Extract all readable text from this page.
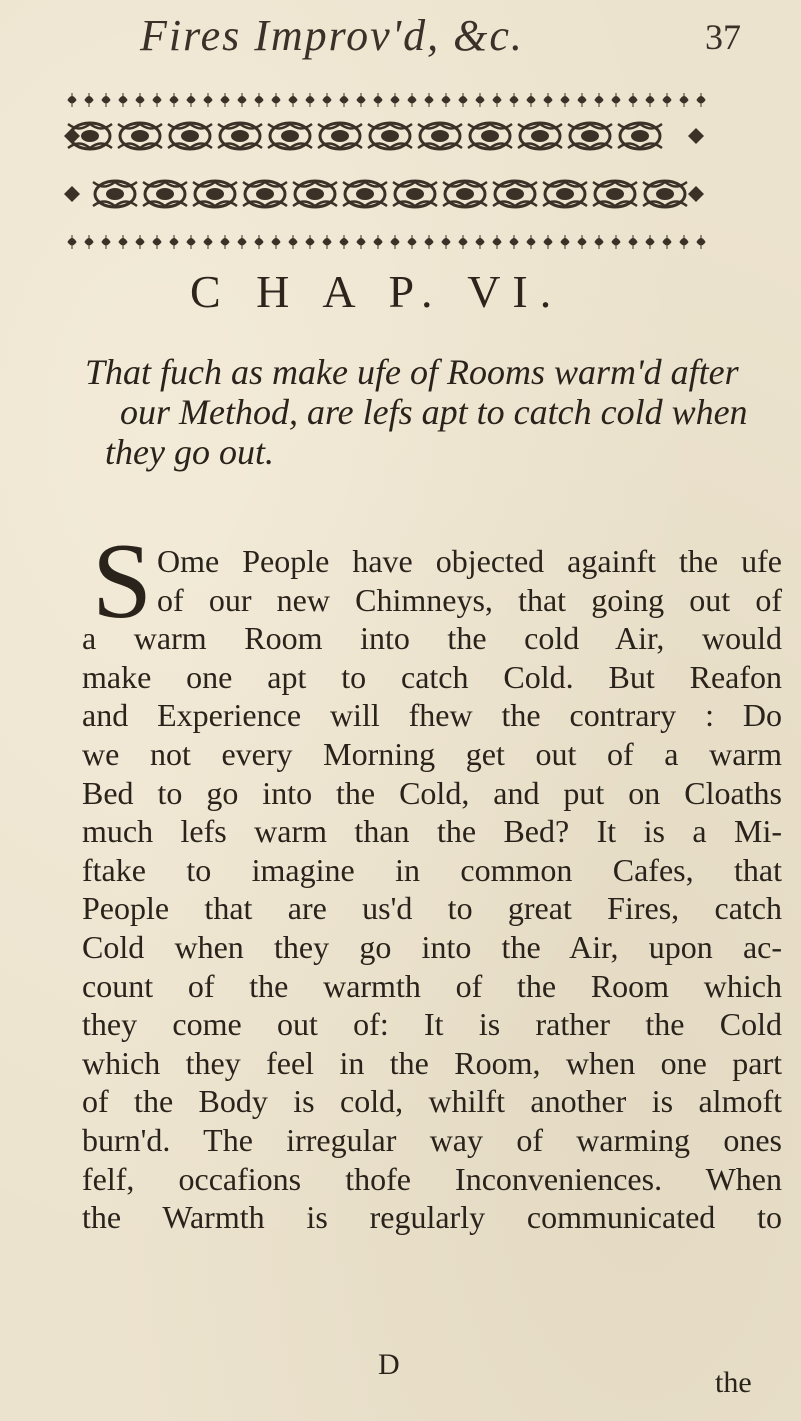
Fires Improv'd, &c.	37
C H A P. VI.
That fuch as make ufe of Rooms warm'd after
our Method, are lefs apt to catch cold when
they go out.
S Ome People have objected againft the ufe
of our new Chimneys, that going out of
a warm Room into the cold Air, would
make one apt to catch Cold. But Reafon
and Experience will fhew the contrary : Do
we not every Morning get out of a warm
Bed to go into the Cold, and put on Cloaths
much lefs warm than the Bed? It is a Mi-
ftake to imagine in common Cafes, that
People that are us'd to great Fires, catch
Cold when they go into the Air, upon ac-
count of the warmth of the Room which
they come out of: It is rather the Cold
which they feel in the Room, when one part
of the Body is cold, whilft another is almoft
burn'd. The irregular way of warming ones
felf, occafions thofe Inconveniences. When
the Warmth is regularly communicated to
D
the
